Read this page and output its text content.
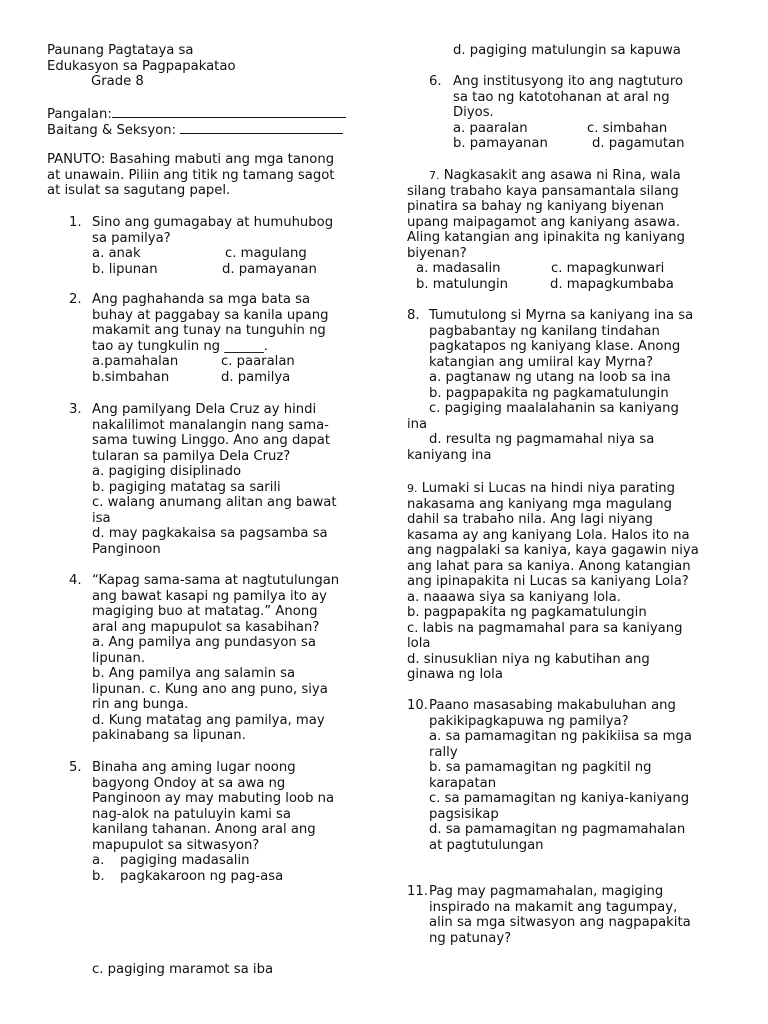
Paunang Pagtataya sa
Edukasyon sa Pagpapakatao
Grade 8
Pangalan:
Baitang & Seksyon:
PANUTO: Basahing mabuti ang mga tanong
at unawain. Piliin ang titik ng tamang sagot
at isulat sa sagutang papel.
1. Sino ang gumagabay at humuhubog
sa pamilya?
a. anak	c. magulang
b. lipunan	d. pamayanan
2. Ang paghahanda sa mga bata sa
buhay at paggabay sa kanila upang
makamit ang tunay na tunguhin ng
tao ay tungkulin ng ______.
a.pamahalan	c. paaralan
b.simbahan	d. pamilya
3. Ang pamilyang Dela Cruz ay hindi
nakalilimot manalangin nang sama-
sama tuwing Linggo. Ano ang dapat
tularan sa pamilya Dela Cruz?
a. pagiging disiplinado
b. pagiging matatag sa sarili
c. walang anumang alitan ang bawat
isa
d. may pagkakaisa sa pagsamba sa
Panginoon
4. “Kapag sama-sama at nagtutulungan
ang bawat kasapi ng pamilya ito ay
magiging buo at matatag.” Anong
aral ang mapupulot sa kasabihan?
a. Ang pamilya ang pundasyon sa
lipunan.
b. Ang pamilya ang salamin sa
lipunan. c. Kung ano ang puno, siya
rin ang bunga.
d. Kung matatag ang pamilya, may
pakinabang sa lipunan.
5. Binaha ang aming lugar noong
bagyong Ondoy at sa awa ng
Panginoon ay may mabuting loob na
nag-alok na patuluyin kami sa
kanilang tahanan. Anong aral ang
mapupulot sa sitwasyon?
a. pagiging madasalin
b. pagkakaroon ng pag-asa
c. pagiging maramot sa iba
d. pagiging matulungin sa kapuwa
6. Ang institusyong ito ang nagtuturo
sa tao ng katotohanan at aral ng
Diyos.
a. paaralan	c. simbahan
b. pamayanan	d. pagamutan
7. Nagkasakit ang asawa ni Rina, wala
silang trabaho kaya pansamantala silang
pinatira sa bahay ng kaniyang biyenan
upang maipagamot ang kaniyang asawa.
Aling katangian ang ipinakita ng kaniyang
biyenan?
a. madasalin	c. mapagkunwari
b. matulungin	d. mapagkumbaba
8. Tumutulong si Myrna sa kaniyang ina sa
pagbabantay ng kanilang tindahan
pagkatapos ng kaniyang klase. Anong
katangian ang umiiral kay Myrna?
a. pagtanaw ng utang na loob sa ina
b. pagpapakita ng pagkamatulungin
c. pagiging maalalahanin sa kaniyang
ina
d. resulta ng pagmamahal niya sa
kaniyang ina
9. Lumaki si Lucas na hindi niya parating
nakasama ang kaniyang mga magulang
dahil sa trabaho nila. Ang lagi niyang
kasama ay ang kaniyang Lola. Halos ito na
ang nagpalaki sa kaniya, kaya gagawin niya
ang lahat para sa kaniya. Anong katangian
ang ipinapakita ni Lucas sa kaniyang Lola?
a. naaawa siya sa kaniyang lola.
b. pagpapakita ng pagkamatulungin
c. labis na pagmamahal para sa kaniyang
lola
d. sinusuklian niya ng kabutihan ang
ginawa ng lola
10. Paano masasabing makabuluhan ang
pakikipagkapuwa ng pamilya?
a. sa pamamagitan ng pakikiisa sa mga
rally
b. sa pamamagitan ng pagkitil ng
karapatan
c. sa pamamagitan ng kaniya-kaniyang
pagsisikap
d. sa pamamagitan ng pagmamahalan
at pagtutulungan
11. Pag may pagmamahalan, magiging
inspirado na makamit ang tagumpay,
alin sa mga sitwasyon ang nagpapakita
ng patunay?
